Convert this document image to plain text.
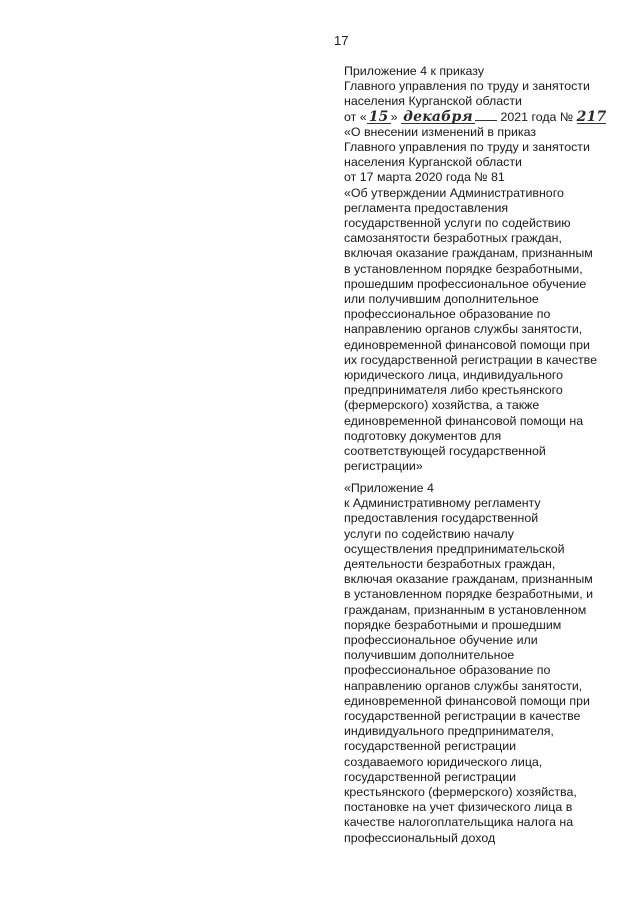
17
Приложение 4 к приказу
Главного управления по труду и занятости
населения Курганской области
от « 15 » декабря 2021 года № 217
«О внесении изменений в приказ
Главного управления по труду и занятости
населения Курганской области
от 17 марта 2020 года № 81
«Об утверждении Административного
регламента предоставления
государственной услуги по содействию
самозанятости безработных граждан,
включая оказание гражданам, признанным
в установленном порядке безработными,
прошедшим профессиональное обучение
или получившим дополнительное
профессиональное образование по
направлению органов службы занятости,
единовременной финансовой помощи при
их государственной регистрации в качестве
юридического лица, индивидуального
предпринимателя либо крестьянского
(фермерского) хозяйства, а также
единовременной финансовой помощи на
подготовку документов для
соответствующей государственной
регистрации»
«Приложение 4
к Административному регламенту
предоставления государственной
услуги по содействию началу
осуществления предпринимательской
деятельности безработных граждан,
включая оказание гражданам, признанным
в установленном порядке безработными, и
гражданам, признанным в установленном
порядке безработными и прошедшим
профессиональное обучение или
получившим дополнительное
профессиональное образование по
направлению органов службы занятости,
единовременной финансовой помощи при
государственной регистрации в качестве
индивидуального предпринимателя,
государственной регистрации
создаваемого юридического лица,
государственной регистрации
крестьянского (фермерского) хозяйства,
постановке на учет физического лица в
качестве налогоплательщика налога на
профессиональный доход
